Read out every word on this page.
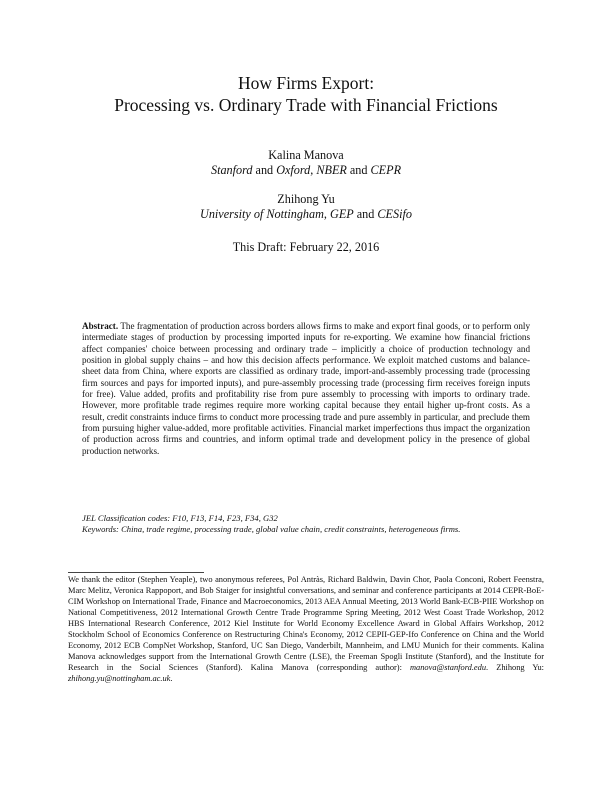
How Firms Export:

Processing vs. Ordinary Trade with Financial Frictions

Kalina Manova
Stanford and Oxford, NBER and CEPR
Zhihong Yu
University of Nottingham, GEP and CESifo
This Draft: February 22, 2016

Abstract. The fragmentation of production across borders allows firms to make and export final goods, or to perform only intermediate stages of production by processing imported inputs for re-exporting. We examine how financial frictions affect companies' choice between processing and ordinary trade – implicitly a choice of production technology and position in global supply chains – and how this decision affects performance. We exploit matched customs and balance-sheet data from China, where exports are classified as ordinary trade, import-and-assembly processing trade (processing firm sources and pays for imported inputs), and pure-assembly processing trade (processing firm receives foreign inputs for free). Value added, profits and profitability rise from pure assembly to processing with imports to ordinary trade. However, more profitable trade regimes require more working capital because they entail higher up-front costs. As a result, credit constraints induce firms to conduct more processing trade and pure assembly in particular, and preclude them from pursuing higher value-added, more profitable activities. Financial market imperfections thus impact the organization of production across firms and countries, and inform optimal trade and development policy in the presence of global production networks.

JEL Classification codes: F10, F13, F14, F23, F34, G32
Keywords: China, trade regime, processing trade, global value chain, credit constraints, heterogeneous firms.

We thank the editor (Stephen Yeaple), two anonymous referees, Pol Antràs, Richard Baldwin, Davin Chor, Paola Conconi, Robert Feenstra, Marc Melitz, Veronica Rappoport, and Bob Staiger for insightful conversations, and seminar and conference participants at 2014 CEPR-BoE-CIM Workshop on International Trade, Finance and Macroeconomics, 2013 AEA Annual Meeting, 2013 World Bank-ECB-PIIE Workshop on National Competitiveness, 2012 International Growth Centre Trade Programme Spring Meeting, 2012 West Coast Trade Workshop, 2012 HBS International Research Conference, 2012 Kiel Institute for World Economy Excellence Award in Global Affairs Workshop, 2012 Stockholm School of Economics Conference on Restructuring China's Economy, 2012 CEPII-GEP-Ifo Conference on China and the World Economy, 2012 ECB CompNet Workshop, Stanford, UC San Diego, Vanderbilt, Mannheim, and LMU Munich for their comments. Kalina Manova acknowledges support from the International Growth Centre (LSE), the Freeman Spogli Institute (Stanford), and the Institute for Research in the Social Sciences (Stanford). Kalina Manova (corresponding author): manova@stanford.edu. Zhihong Yu: zhihong.yu@nottingham.ac.uk.
